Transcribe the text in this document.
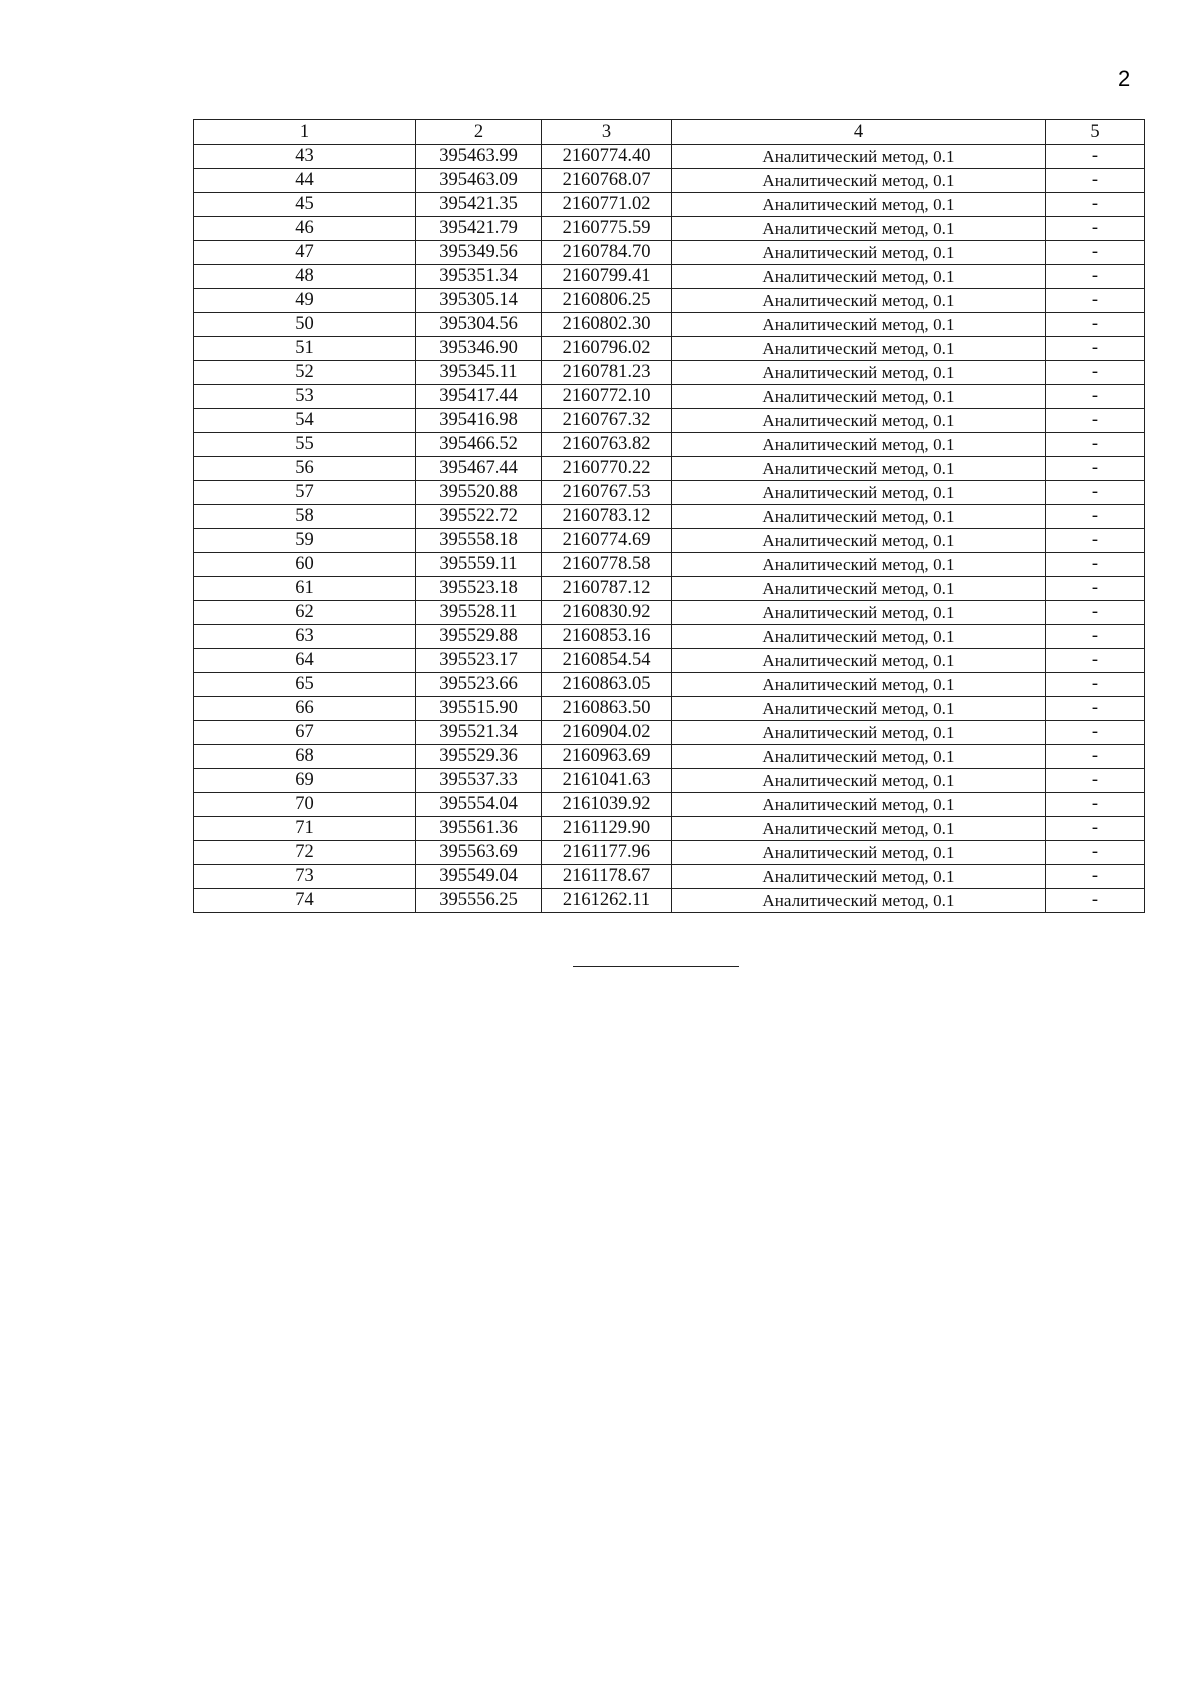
2
1	2	3	4	5
43	395463.99	2160774.40	Аналитический метод, 0.1	-
44	395463.09	2160768.07	Аналитический метод, 0.1	-
45	395421.35	2160771.02	Аналитический метод, 0.1	-
46	395421.79	2160775.59	Аналитический метод, 0.1	-
47	395349.56	2160784.70	Аналитический метод, 0.1	-
48	395351.34	2160799.41	Аналитический метод, 0.1	-
49	395305.14	2160806.25	Аналитический метод, 0.1	-
50	395304.56	2160802.30	Аналитический метод, 0.1	-
51	395346.90	2160796.02	Аналитический метод, 0.1	-
52	395345.11	2160781.23	Аналитический метод, 0.1	-
53	395417.44	2160772.10	Аналитический метод, 0.1	-
54	395416.98	2160767.32	Аналитический метод, 0.1	-
55	395466.52	2160763.82	Аналитический метод, 0.1	-
56	395467.44	2160770.22	Аналитический метод, 0.1	-
57	395520.88	2160767.53	Аналитический метод, 0.1	-
58	395522.72	2160783.12	Аналитический метод, 0.1	-
59	395558.18	2160774.69	Аналитический метод, 0.1	-
60	395559.11	2160778.58	Аналитический метод, 0.1	-
61	395523.18	2160787.12	Аналитический метод, 0.1	-
62	395528.11	2160830.92	Аналитический метод, 0.1	-
63	395529.88	2160853.16	Аналитический метод, 0.1	-
64	395523.17	2160854.54	Аналитический метод, 0.1	-
65	395523.66	2160863.05	Аналитический метод, 0.1	-
66	395515.90	2160863.50	Аналитический метод, 0.1	-
67	395521.34	2160904.02	Аналитический метод, 0.1	-
68	395529.36	2160963.69	Аналитический метод, 0.1	-
69	395537.33	2161041.63	Аналитический метод, 0.1	-
70	395554.04	2161039.92	Аналитический метод, 0.1	-
71	395561.36	2161129.90	Аналитический метод, 0.1	-
72	395563.69	2161177.96	Аналитический метод, 0.1	-
73	395549.04	2161178.67	Аналитический метод, 0.1	-
74	395556.25	2161262.11	Аналитический метод, 0.1	-
